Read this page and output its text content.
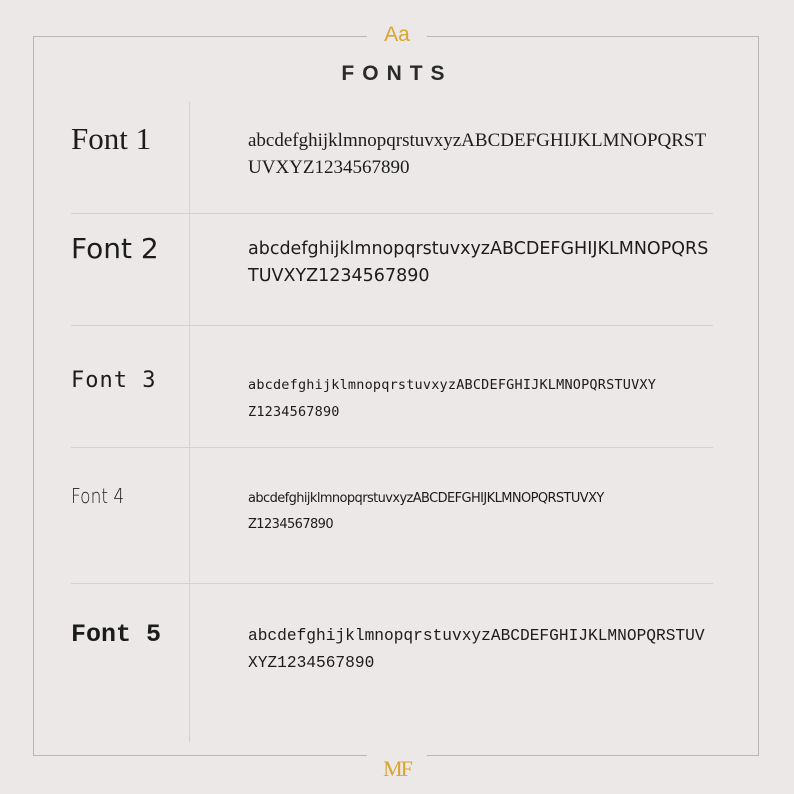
Aa
FONTS
Font 1	abcdefghijklmnopqrstuvxyzABCDEFGHIJKLMNOPQRSTUVXYZ1234567890
Font 2	abcdefghijklmnopqrstuvxyzABCDEFGHIJKLMNOPQRSTUVXYZ1234567890
Font 3	abcdefghijklmnopqrstuvxyzABCDEFGHIJKLMNOPQRSTUVXYZ1234567890
Font 4	abcdefghijklmnopqrstuvxyzABCDEFGHIJKLMNOPQRSTUVXYZ1234567890
Font 5	abcdefghijklmnopqrstuvxyzABCDEFGHIJKLMNOPQRSTUVXYZ1234567890
MF
